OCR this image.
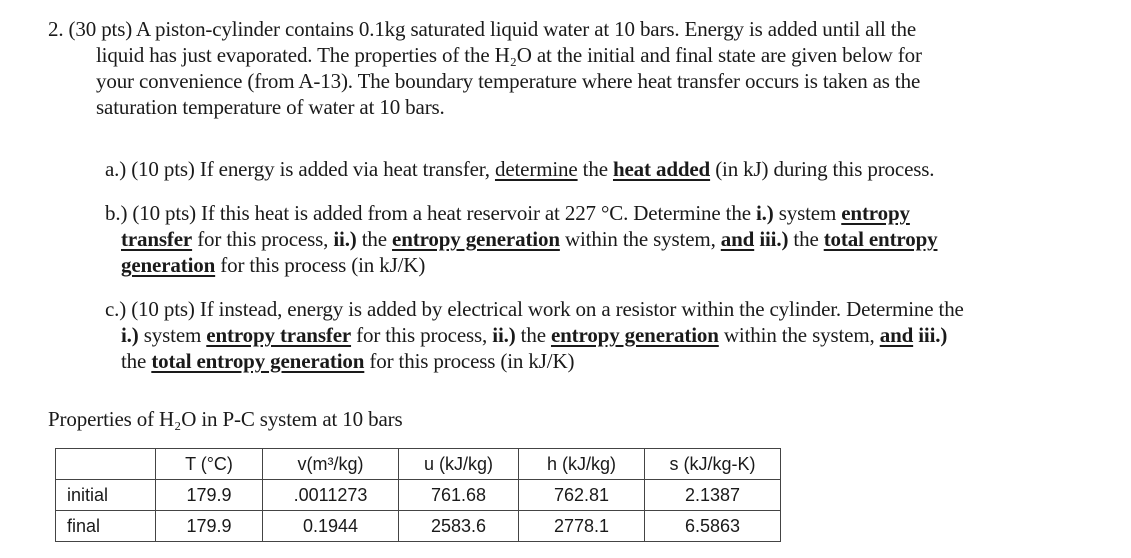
2. (30 pts) A piston-cylinder contains 0.1kg saturated liquid water at 10 bars. Energy is added until all the
liquid has just evaporated. The properties of the H₂O at the initial and final state are given below for
your convenience (from A-13). The boundary temperature where heat transfer occurs is taken as the
saturation temperature of water at 10 bars.
a.) (10 pts) If energy is added via heat transfer, determine the heat added (in kJ) during this process.
b.) (10 pts) If this heat is added from a heat reservoir at 227 °C. Determine the i.) system entropy
transfer for this process, ii.) the entropy generation within the system, and iii.) the total entropy
generation for this process (in kJ/K)
c.) (10 pts) If instead, energy is added by electrical work on a resistor within the cylinder. Determine the
i.) system entropy transfer for this process, ii.) the entropy generation within the system, and iii.)
the total entropy generation for this process (in kJ/K)
Properties of H₂O in P-C system at 10 bars
	T (°C)	v(m³/kg)	u (kJ/kg)	h (kJ/kg)	s (kJ/kg-K)
initial	179.9	.0011273	761.68	762.81	2.1387
final	179.9	0.1944	2583.6	2778.1	6.5863
